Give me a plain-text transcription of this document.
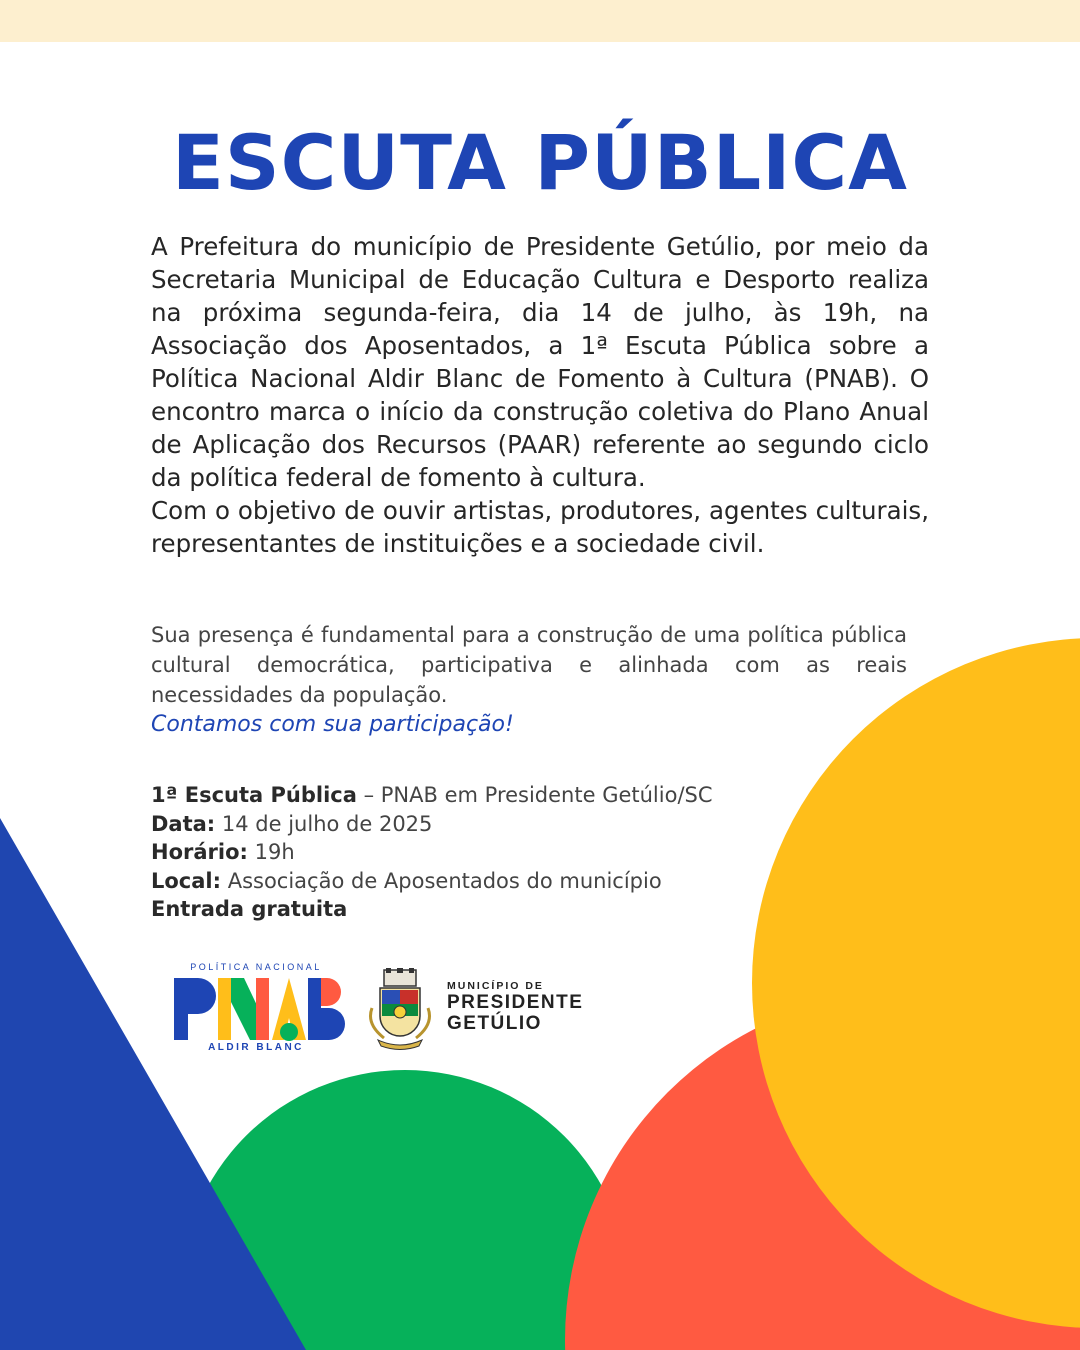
ESCUTA PÚBLICA

A Prefeitura do município de Presidente Getúlio, por meio da Secretaria Municipal de Educação Cultura e Desporto realiza na próxima segunda-feira, dia 14 de julho, às 19h, na Associação dos Aposentados, a 1ª Escuta Pública sobre a Política Nacional Aldir Blanc de Fomento à Cultura (PNAB). O encontro marca o início da construção coletiva do Plano Anual de Aplicação dos Recursos (PAAR) referente ao segundo ciclo da política federal de fomento à cultura.

Com o objetivo de ouvir artistas, produtores, agentes culturais, representantes de instituições e a sociedade civil.

Sua presença é fundamental para a construção de uma política pública cultural democrática, participativa e alinhada com as reais necessidades da população.

Contamos com sua participação!

1ª Escuta Pública – PNAB em Presidente Getúlio/SC
Data: 14 de julho de 2025
Horário: 19h
Local: Associação de Aposentados do município
Entrada gratuita
POLÍTICA NACIONAL
ALDIR BLANC
MUNICÍPIO DE
PRESIDENTE
GETÚLIO
